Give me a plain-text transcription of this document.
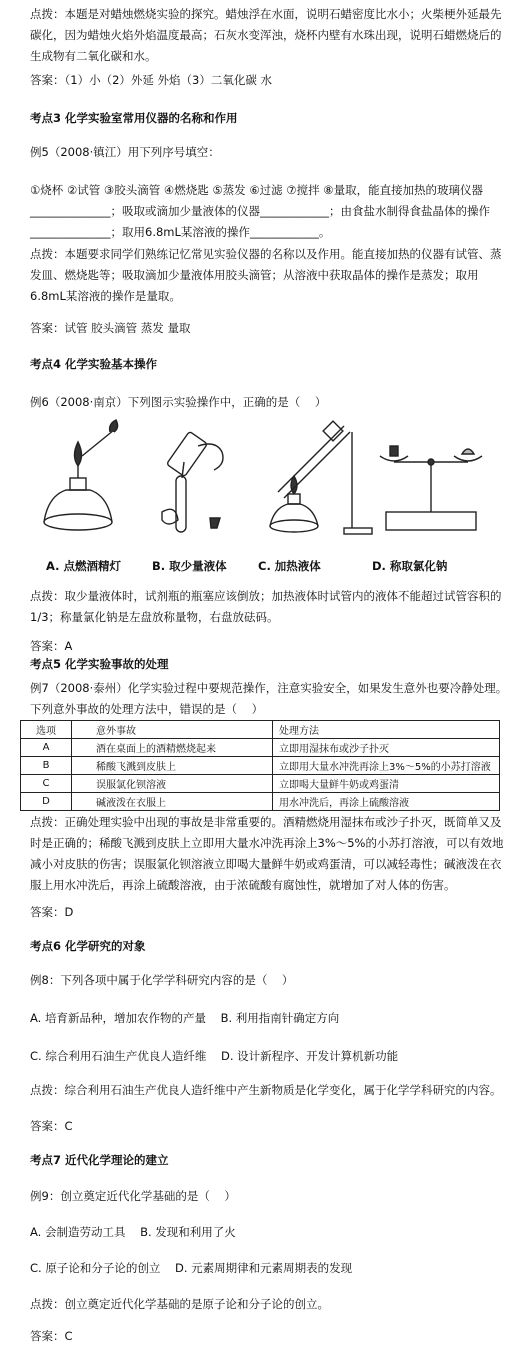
点拨：本题是对蜡烛燃烧实验的探究。蜡烛浮在水面，说明石蜡密度比水小；火柴梗外延最先碳化，因为蜡烛火焰外焰温度最高；石灰水变浑浊，烧杯内壁有水珠出现，说明石蜡燃烧后的生成物有二氧化碳和水。
答案：（1）小（2）外延 外焰（3）二氧化碳 水
考点3 化学实验室常用仪器的名称和作用
例5（2008·镇江）用下列序号填空：
①烧杯 ②试管 ③胶头滴管 ④燃烧匙 ⑤蒸发 ⑥过滤 ⑦搅拌 ⑧量取，能直接加热的玻璃仪器______________；吸取或滴加少量液体的仪器____________；由食盐水制得食盐晶体的操作______________；取用6.8mL某溶液的操作____________。
点拨：本题要求同学们熟练记忆常见实验仪器的名称以及作用。能直接加热的仪器有试管、蒸发皿、燃烧匙等；吸取滴加少量液体用胶头滴管；从溶液中获取晶体的操作是蒸发；取用6.8mL某溶液的操作是量取。
答案：试管 胶头滴管 蒸发 量取
考点4 化学实验基本操作
例6（2008·南京）下列图示实验操作中，正确的是（    ）
A. 点燃酒精灯	B. 取少量液体	C. 加热液体	D. 称取氯化钠
点拨：取少量液体时，试剂瓶的瓶塞应该倒放；加热液体时试管内的液体不能超过试管容积的1/3；称量氯化钠是左盘放称量物，右盘放砝码。
答案：A
考点5 化学实验事故的处理
例7（2008·泰州）化学实验过程中要规范操作，注意实验安全，如果发生意外也要冷静处理。下列意外事故的处理方法中，错误的是（    ）
选项	意外事故	处理方法
A	酒在桌面上的酒精燃烧起来	立即用湿抹布或沙子扑灭
B	稀酸飞溅到皮肤上	立即用大量水冲洗再涂上3%～5%的小苏打溶液
C	误服氯化钡溶液	立即喝大量鲜牛奶或鸡蛋清
D	碱液泼在衣服上	用水冲洗后，再涂上硫酸溶液
点拨：正确处理实验中出现的事故是非常重要的。酒精燃烧用湿抹布或沙子扑灭，既简单又及时是正确的；稀酸飞溅到皮肤上立即用大量水冲洗再涂上3%～5%的小苏打溶液，可以有效地减小对皮肤的伤害；误服氯化钡溶液立即喝大量鲜牛奶或鸡蛋清，可以减轻毒性；碱液泼在衣服上用水冲洗后，再涂上硫酸溶液，由于浓硫酸有腐蚀性，就增加了对人体的伤害。
答案：D
考点6 化学研究的对象
例8：下列各项中属于化学学科研究内容的是（    ）
A. 培育新品种，增加农作物的产量    B. 利用指南针确定方向
C. 综合利用石油生产优良人造纤维    D. 设计新程序、开发计算机新功能
点拨：综合利用石油生产优良人造纤维中产生新物质是化学变化，属于化学学科研究的内容。
答案：C
考点7 近代化学理论的建立
例9：创立奠定近代化学基础的是（    ）
A. 会制造劳动工具    B. 发现和利用了火
C. 原子论和分子论的创立    D. 元素周期律和元素周期表的发现
点拨：创立奠定近代化学基础的是原子论和分子论的创立。
答案：C
